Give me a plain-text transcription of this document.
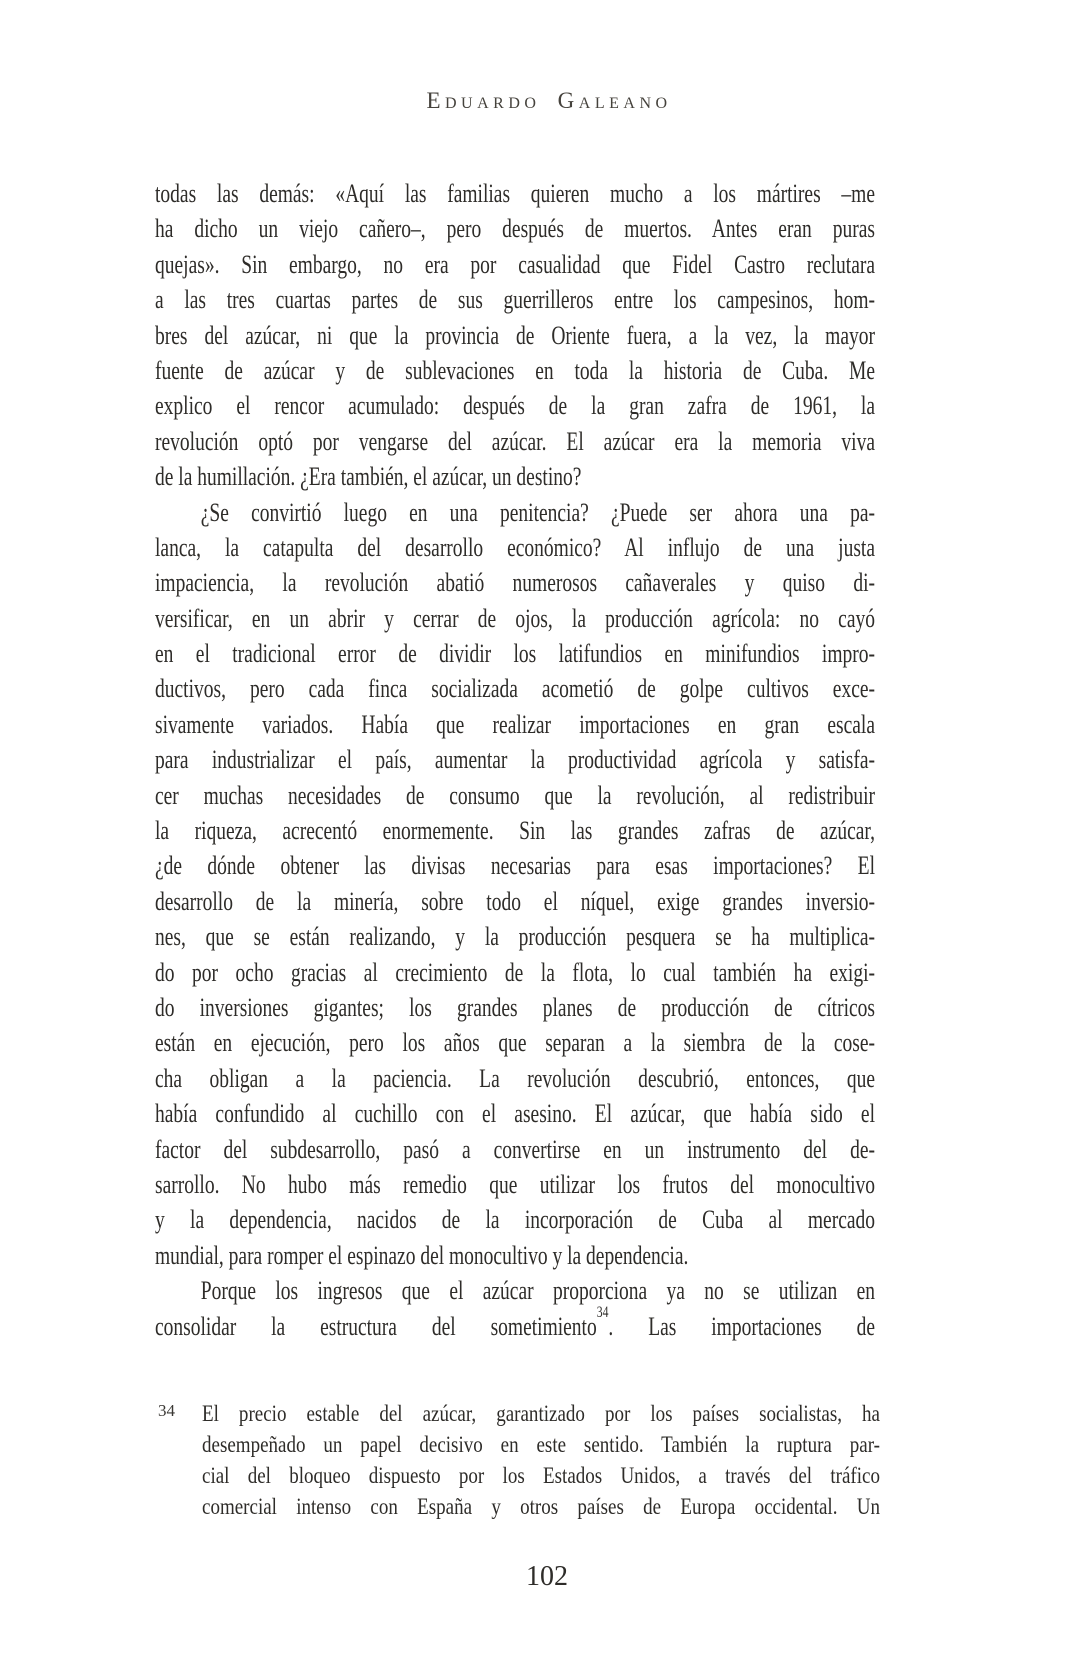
Eduardo Galeano
todas las demás: «Aquí las familias quieren mucho a los mártires –me
ha dicho un viejo cañero–, pero después de muertos. Antes eran puras
quejas». Sin embargo, no era por casualidad que Fidel Castro reclutara
a las tres cuartas partes de sus guerrilleros entre los campesinos, hom-
bres del azúcar, ni que la provincia de Oriente fuera, a la vez, la mayor
fuente de azúcar y de sublevaciones en toda la historia de Cuba. Me
explico el rencor acumulado: después de la gran zafra de 1961, la
revolución optó por vengarse del azúcar. El azúcar era la memoria viva
de la humillación. ¿Era también, el azúcar, un destino?
¿Se convirtió luego en una penitencia? ¿Puede ser ahora una pa-
lanca, la catapulta del desarrollo económico? Al influjo de una justa
impaciencia, la revolución abatió numerosos cañaverales y quiso di-
versificar, en un abrir y cerrar de ojos, la producción agrícola: no cayó
en el tradicional error de dividir los latifundios en minifundios impro-
ductivos, pero cada finca socializada acometió de golpe cultivos exce-
sivamente variados. Había que realizar importaciones en gran escala
para industrializar el país, aumentar la productividad agrícola y satisfa-
cer muchas necesidades de consumo que la revolución, al redistribuir
la riqueza, acrecentó enormemente. Sin las grandes zafras de azúcar,
¿de dónde obtener las divisas necesarias para esas importaciones? El
desarrollo de la minería, sobre todo el níquel, exige grandes inversio-
nes, que se están realizando, y la producción pesquera se ha multiplica-
do por ocho gracias al crecimiento de la flota, lo cual también ha exigi-
do inversiones gigantes; los grandes planes de producción de cítricos
están en ejecución, pero los años que separan a la siembra de la cose-
cha obligan a la paciencia. La revolución descubrió, entonces, que
había confundido al cuchillo con el asesino. El azúcar, que había sido el
factor del subdesarrollo, pasó a convertirse en un instrumento del de-
sarrollo. No hubo más remedio que utilizar los frutos del monocultivo
y la dependencia, nacidos de la incorporación de Cuba al mercado
mundial, para romper el espinazo del monocultivo y la dependencia.
Porque los ingresos que el azúcar proporciona ya no se utilizan en
consolidar la estructura del sometimiento$^{34}$. Las importaciones de
34 El precio estable del azúcar, garantizado por los países socialistas, ha
desempeñado un papel decisivo en este sentido. También la ruptura par-
cial del bloqueo dispuesto por los Estados Unidos, a través del tráfico
comercial intenso con España y otros países de Europa occidental. Un
102
